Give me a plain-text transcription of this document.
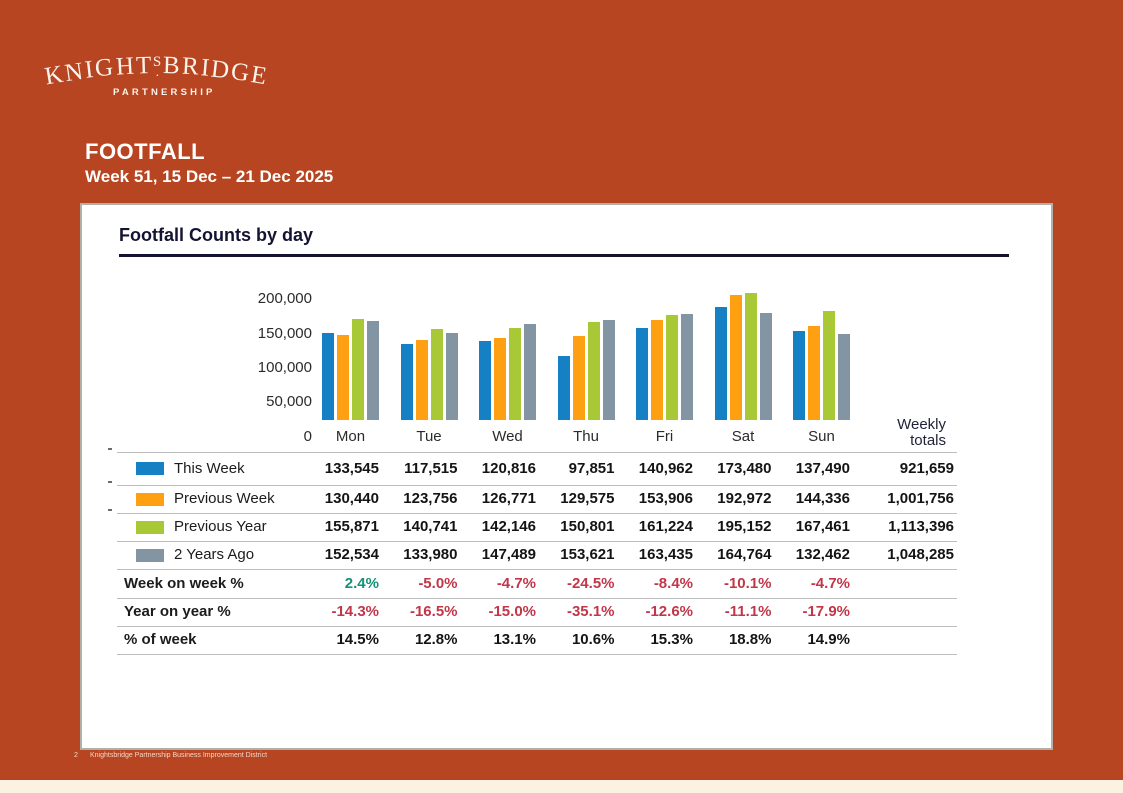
KNIGHT S .BRIDGE
PARTNERSHIP
FOOTFALL
Week 51, 15 Dec – 21 Dec 2025
Footfall Counts by day
200,000
150,000
100,000
50,000
0	Mon	Tue	Wed	Thu	Fri	Sat	Sun
Weekly
totals
This Week	133,545	117,515	120,816	97,851	140,962	173,480	137,490	921,659
Previous Week	130,440	123,756	126,771	129,575	153,906	192,972	144,336	1,001,756
Previous Year	155,871	140,741	142,146	150,801	161,224	195,152	167,461	1,113,396
2 Years Ago	152,534	133,980	147,489	153,621	163,435	164,764	132,462	1,048,285
Week on week %	2.4%	-5.0%	-4.7%	-24.5%	-8.4%	-10.1%	-4.7%
Year on year %	-14.3%	-16.5%	-15.0%	-35.1%	-12.6%	-11.1%	-17.9%
% of week	14.5%	12.8%	13.1%	10.6%	15.3%	18.8%	14.9%
2 Knightsbridge Partnership Business Improvement District
